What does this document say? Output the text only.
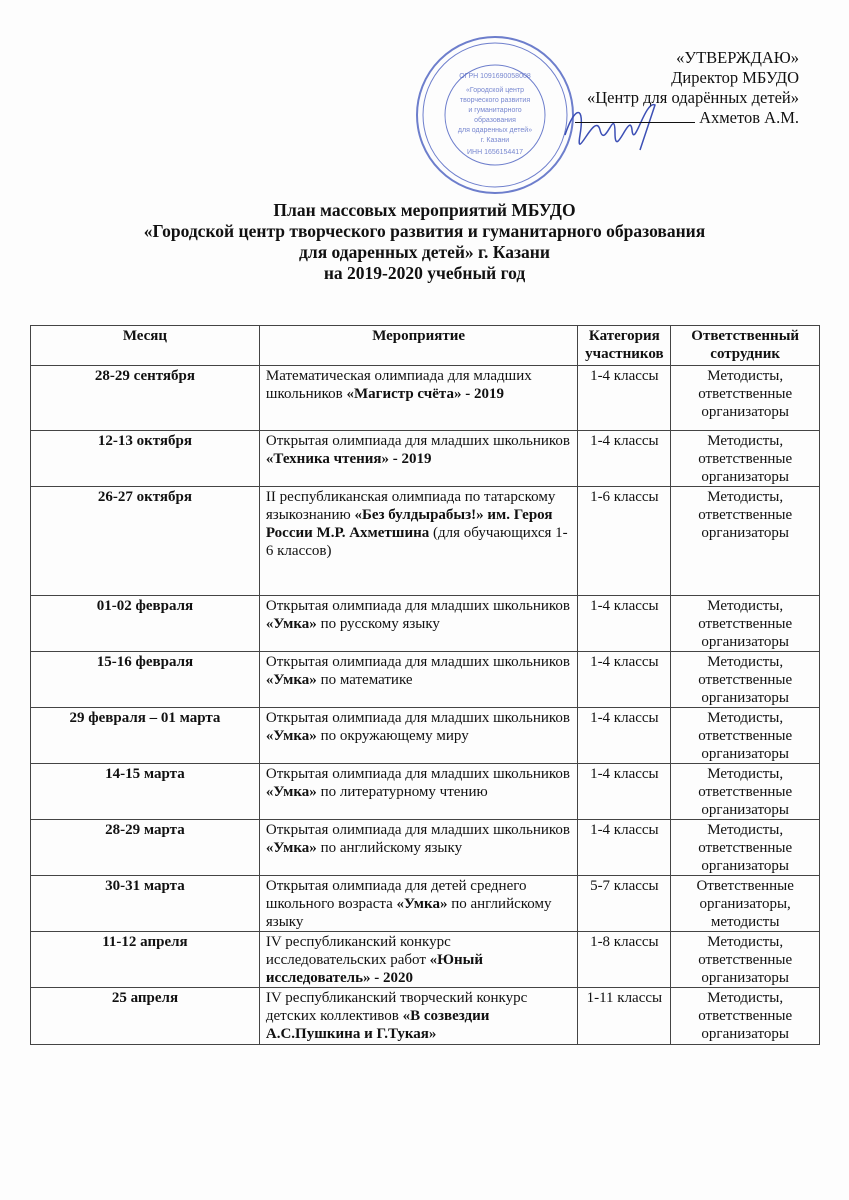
«Городской центр
творческого развития
и гуманитарного
образования
для одаренных детей»
г. Казани
ИНН 1656154417
ОГРН 1091690058008
«УТВЕРЖДАЮ»
Директор МБУДО
«Центр для одарённых детей»
Ахметов А.М.
План массовых мероприятий МБУДО
«Городской центр творческого развития и гуманитарного образования
для одаренных детей» г. Казани
на 2019-2020 учебный год
Месяц	Мероприятие	Категория участников	Ответственный сотрудник
28-29 сентября	Математическая олимпиада для младших школьников «Магистр счёта» - 2019	1-4 классы	Методисты, ответственные организаторы
12-13 октября	Открытая олимпиада для младших школьников «Техника чтения» - 2019	1-4 классы	Методисты, ответственные организаторы
26-27 октября	II республиканская олимпиада по татарскому языкознанию «Без булдырабыз!» им. Героя России М.Р. Ахметшина (для обучающихся 1-6 классов)	1-6 классы	Методисты, ответственные организаторы
01-02 февраля	Открытая олимпиада для младших школьников «Умка» по русскому языку	1-4 классы	Методисты, ответственные организаторы
15-16 февраля	Открытая олимпиада для младших школьников «Умка» по математике	1-4 классы	Методисты, ответственные организаторы
29 февраля – 01 марта	Открытая олимпиада для младших школьников «Умка» по окружающему миру	1-4 классы	Методисты, ответственные организаторы
14-15 марта	Открытая олимпиада для младших школьников «Умка» по литературному чтению	1-4 классы	Методисты, ответственные организаторы
28-29 марта	Открытая олимпиада для младших школьников «Умка» по английскому языку	1-4 классы	Методисты, ответственные организаторы
30-31 марта	Открытая олимпиада для детей среднего школьного возраста «Умка» по английскому языку	5-7 классы	Ответственные организаторы, методисты
11-12 апреля	IV республиканский конкурс исследовательских работ «Юный исследователь» - 2020	1-8 классы	Методисты, ответственные организаторы
25 апреля	IV республиканский творческий конкурс детских коллективов «В созвездии А.С.Пушкина и Г.Тукая»	1-11 классы	Методисты, ответственные организаторы
